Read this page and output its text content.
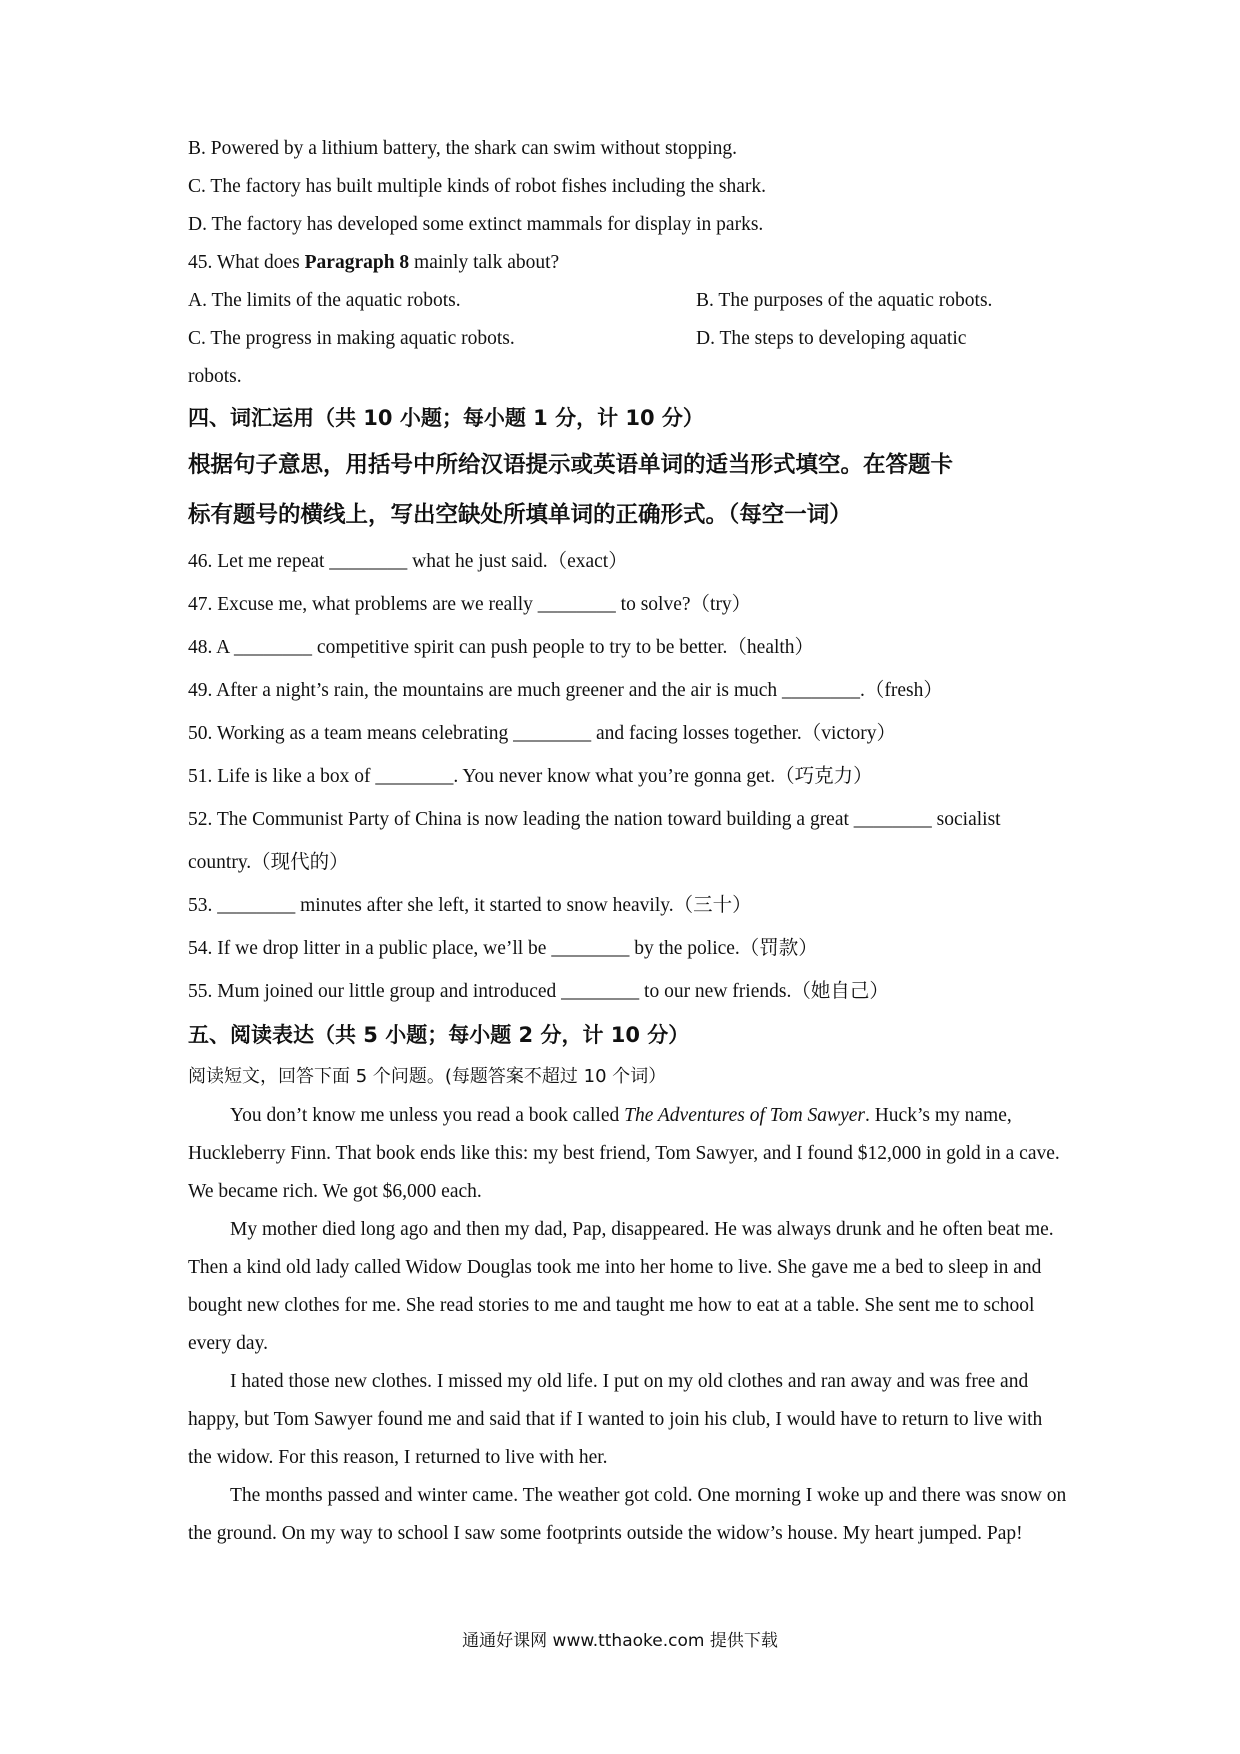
B. Powered by a lithium battery, the shark can swim without stopping.
C. The factory has built multiple kinds of robot fishes including the shark.
D. The factory has developed some extinct mammals for display in parks.
45. What does Paragraph 8 mainly talk about?
A. The limits of the aquatic robots.	B. The purposes of the aquatic robots.
C. The progress in making aquatic robots.	D. The steps to developing aquatic
robots.
四、词汇运用（共 10 小题；每小题 1 分，计 10 分）
根据句子意思，用括号中所给汉语提示或英语单词的适当形式填空。在答题卡
标有题号的横线上，写出空缺处所填单词的正确形式。（每空一词）
46. Let me repeat ________ what he just said.（exact）
47. Excuse me, what problems are we really ________ to solve?（try）
48. A ________ competitive spirit can push people to try to be better.（health）
49. After a night’s rain, the mountains are much greener and the air is much ________.（fresh）
50. Working as a team means celebrating ________ and facing losses together.（victory）
51. Life is like a box of ________. You never know what you’re gonna get.（巧克力）
52. The Communist Party of China is now leading the nation toward building a great ________ socialist country.（现代的）
53. ________ minutes after she left, it started to snow heavily.（三十）
54. If we drop litter in a public place, we’ll be ________ by the police.（罚款）
55. Mum joined our little group and introduced ________ to our new friends.（她自己）
五、阅读表达（共 5 小题；每小题 2 分，计 10 分）
阅读短文，回答下面 5 个问题。(每题答案不超过 10 个词）
You don’t know me unless you read a book called The Adventures of Tom Sawyer. Huck’s my name, Huckleberry Finn. That book ends like this: my best friend, Tom Sawyer, and I found $12,000 in gold in a cave. We became rich. We got $6,000 each.
My mother died long ago and then my dad, Pap, disappeared. He was always drunk and he often beat me. Then a kind old lady called Widow Douglas took me into her home to live. She gave me a bed to sleep in and bought new clothes for me. She read stories to me and taught me how to eat at a table. She sent me to school every day.
I hated those new clothes. I missed my old life. I put on my old clothes and ran away and was free and happy, but Tom Sawyer found me and said that if I wanted to join his club, I would have to return to live with the widow. For this reason, I returned to live with her.
The months passed and winter came. The weather got cold. One morning I woke up and there was snow on the ground. On my way to school I saw some footprints outside the widow’s house. My heart jumped. Pap!
通通好课网 www.tthaoke.com 提供下载
